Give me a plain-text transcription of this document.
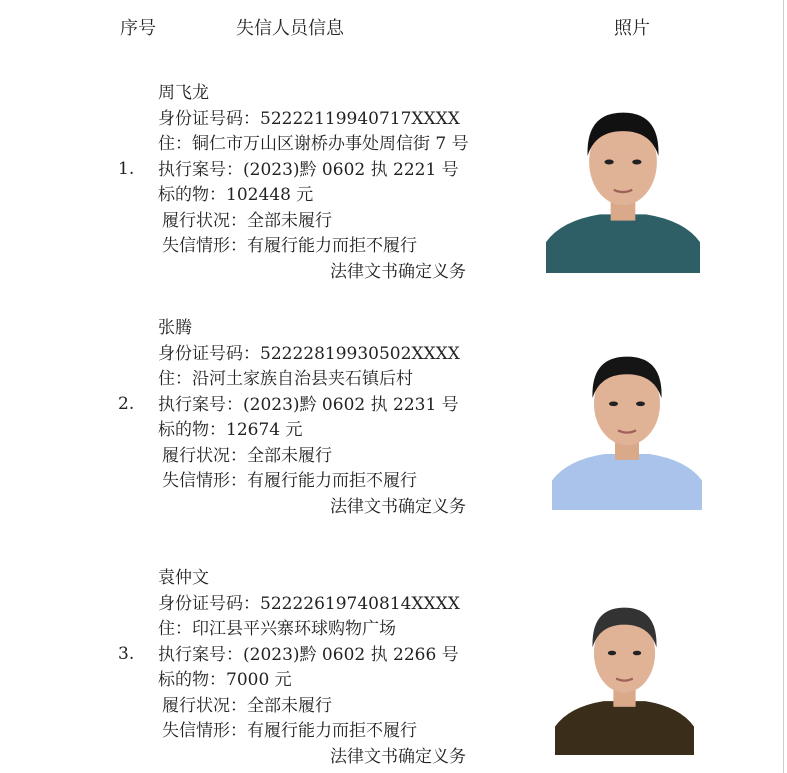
序号	失信人员信息	照片
周飞龙
身份证号码：52222119940717XXXX
住：铜仁市万山区谢桥办事处周信街 7 号
执行案号：(2023)黔 0602 执 2221 号
标的物：102448 元
履行状况：全部未履行
失信情形：有履行能力而拒不履行
法律文书确定义务
1.
张腾
身份证号码：52222819930502XXXX
住：沿河土家族自治县夹石镇后村
执行案号：(2023)黔 0602 执 2231 号
标的物：12674 元
履行状况：全部未履行
失信情形：有履行能力而拒不履行
法律文书确定义务
2.
袁仲文
身份证号码：52222619740814XXXX
住：印江县平兴寨环球购物广场
执行案号：(2023)黔 0602 执 2266 号
标的物：7000 元
履行状况：全部未履行
失信情形：有履行能力而拒不履行
法律文书确定义务
3.
